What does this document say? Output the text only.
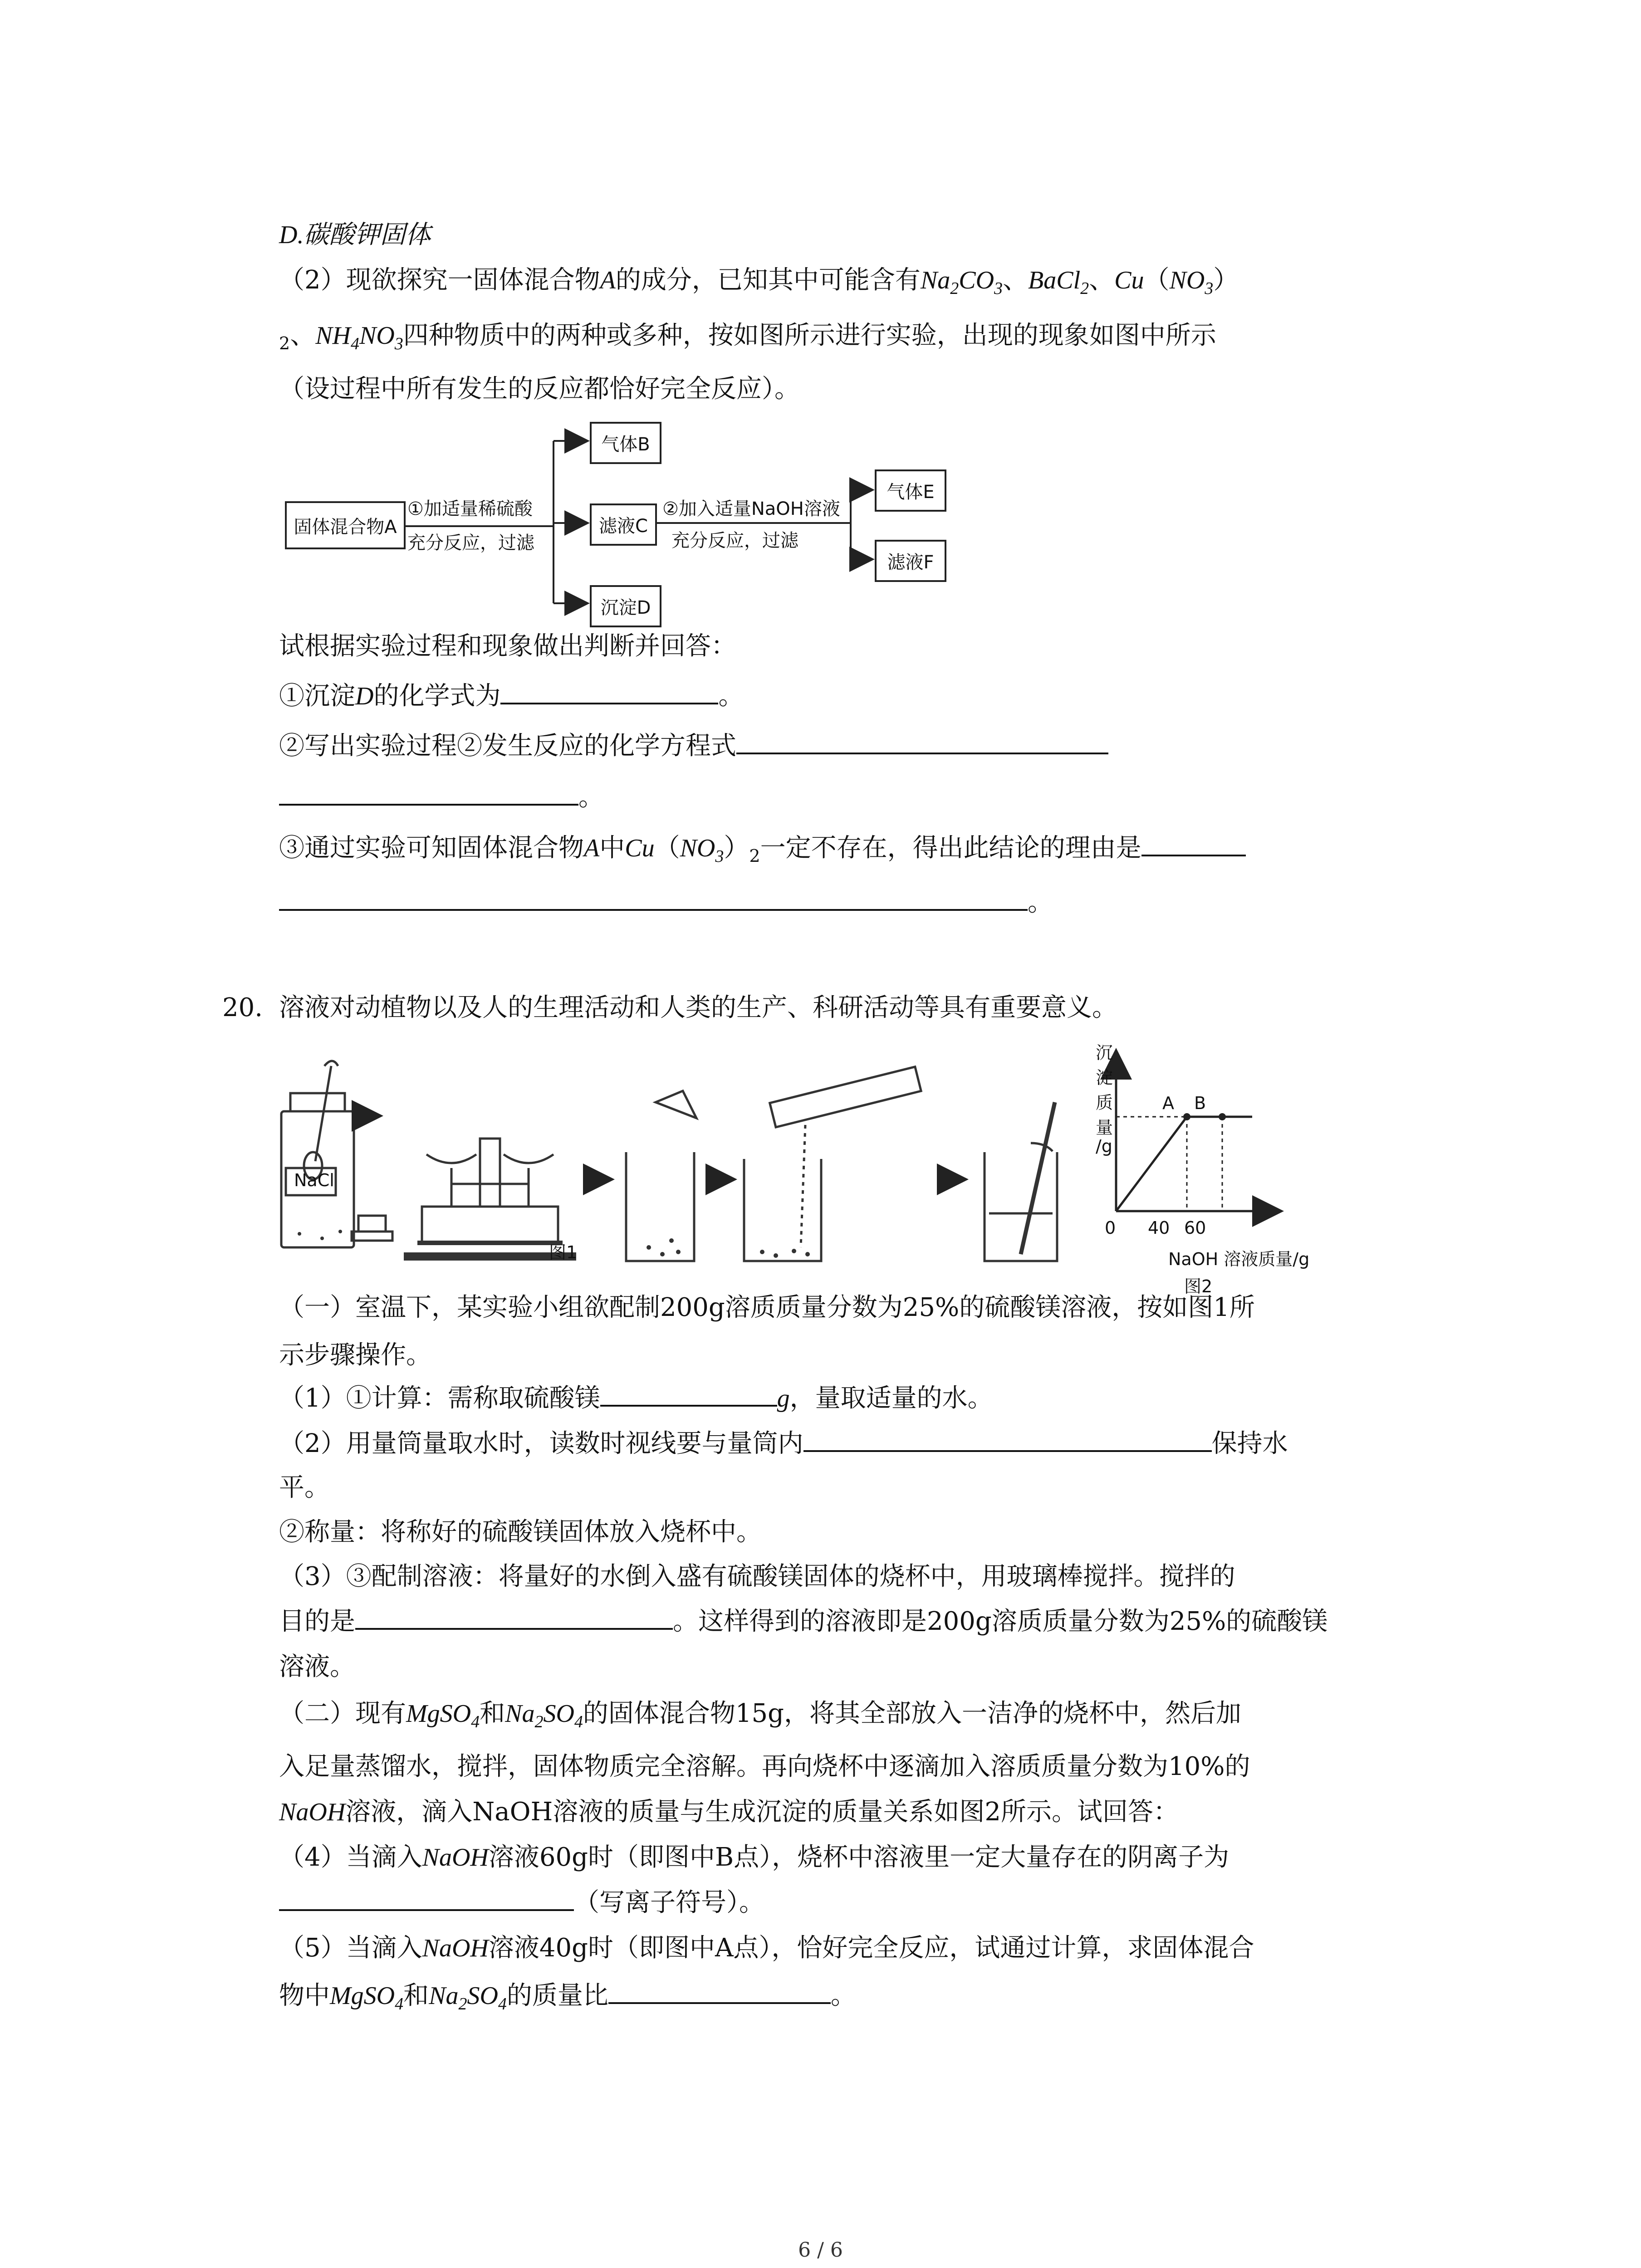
D.碳酸钾固体
（2）现欲探究一固体混合物A的成分，已知其中可能含有$Na_2CO_3$、BaCl$_2$、$Cu(NO_3)$
$_2$、$NH_4NO_3$四种物质中的两种或多种，按如图所示进行实验，出现的现象如图中所示
（设过程中所有发生的反应都恰好完全反应）。
固体混合物A
①加适量稀硫酸
充分反应，过滤
气体B
滤液C
沉淀D
②加入适量NaOH溶液
充分反应，过滤
气体E
滤液F
试根据实验过程和现象做出判断并回答：
①沉淀D的化学式为	。
②写出实验过程②发生反应的化学方程式
。
③通过实验可知固体混合物A中$Cu(NO_3)_2$一定不存在，得出此结论的理由是
。
20. 溶液对动植物以及人的生理活动和人类的生产、科研活动等具有重要意义。
NaCl
图1
沉
淀
质
量
/g
0
A B
40 60
NaOH 溶液质量/g
图2
（一）室温下，某实验小组欲配制200g溶质质量分数为25%的硫酸镁溶液，按如图1所
示步骤操作。
（1）①计算：需称取硫酸镁	g，量取适量的水。
（2）用量筒量取水时，读数时视线要与量筒内	保持水
平。
②称量：将称好的硫酸镁固体放入烧杯中。
（3）③配制溶液：将量好的水倒入盛有硫酸镁固体的烧杯中，用玻璃棒搅拌。搅拌的
目的是	。这样得到的溶液即是200g溶质质量分数为25%的硫酸镁
溶液。
（二）现有MgSO$_4$和$Na_2SO_4$的固体混合物15g，将其全部放入一洁净的烧杯中，然后加
入足量蒸馏水，搅拌，固体物质完全溶解。再向烧杯中逐滴加入溶质质量分数为10%的
NaOH溶液，滴入NaOH溶液的质量与生成沉淀的质量关系如图2所示。试回答：
（4）当滴入NaOH溶液60g时（即图中B点），烧杯中溶液里一定大量存在的阴离子为
（写离子符号）。
（5）当滴入NaOH溶液40g时（即图中A点），恰好完全反应，试通过计算，求固体混合
物中MgSO$_4$和$Na_2SO_4$的质量比	。
6 / 6
